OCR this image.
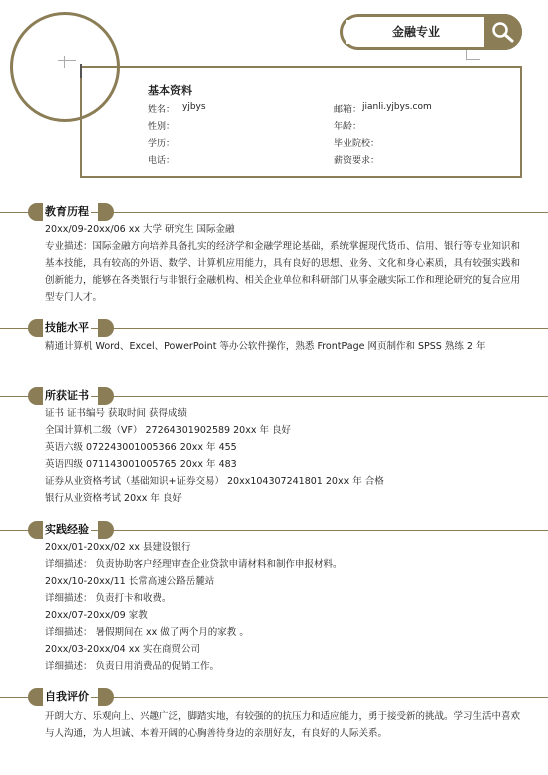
金融专业
基本资料
姓名： yjbys
性别：
学历：
电话：
邮箱： jianli.yjbys.com
年龄：
毕业院校：
薪资要求：
教育历程
20xx/09-20xx/06 xx 大学 研究生 国际金融
专业描述：国际金融方向培养具备扎实的经济学和金融学理论基础，系统掌握现代货币、信用、银行等专业知识和基本技能，具有较高的外语、数学、计算机应用能力，具有良好的思想、业务、文化和身心素质，具有较强实践和创新能力，能够在各类银行与非银行金融机构、相关企业单位和科研部门从事金融实际工作和理论研究的复合应用型专门人才。
技能水平
精通计算机 Word、Excel、PowerPoint 等办公软件操作，熟悉 FrontPage 网页制作和 SPSS 熟练 2 年
所获证书
证书 证书编号 获取时间 获得成绩
全国计算机二级（VF） 27264301902589 20xx 年 良好
英语六级 072243001005366 20xx 年 455
英语四级 071143001005765 20xx 年 483
证券从业资格考试（基础知识+证券交易） 20xx104307241801 20xx 年 合格
银行从业资格考试 20xx 年 良好
实践经验
20xx/01-20xx/02 xx 县建设银行
详细描述： 负责协助客户经理审查企业贷款申请材料和制作申报材料。
20xx/10-20xx/11 长常高速公路岳麓站
详细描述： 负责打卡和收费。
20xx/07-20xx/09 家教
详细描述： 暑假期间在 xx 做了两个月的家教 。
20xx/03-20xx/04 xx 实在商贸公司
详细描述： 负责日用消费品的促销工作。
自我评价
开朗大方、乐观向上、兴趣广泛，脚踏实地，有较强的的抗压力和适应能力，勇于接受新的挑战。学习生活中喜欢与人沟通，为人坦诚、本着开阔的心胸善待身边的亲朋好友，有良好的人际关系。
